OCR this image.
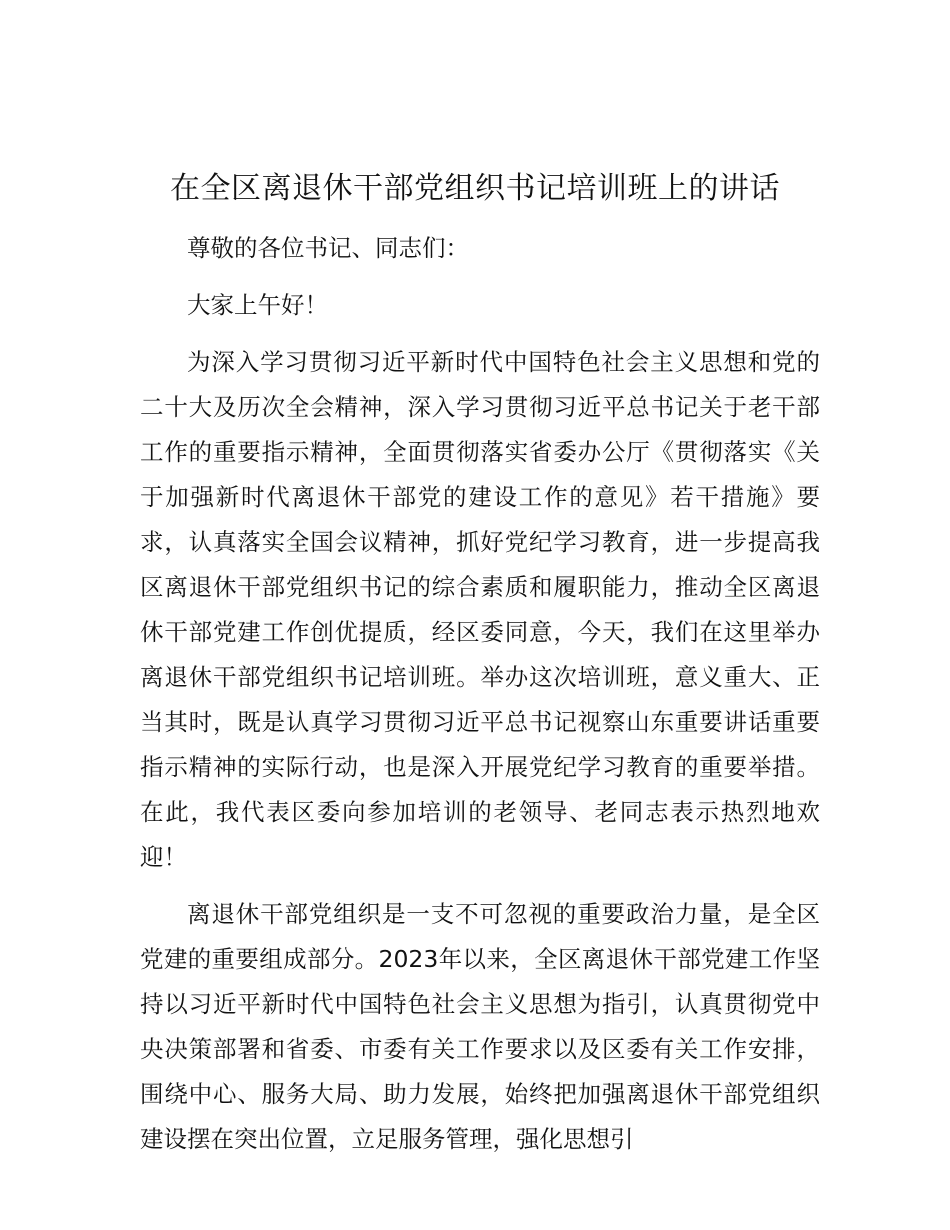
在全区离退休干部党组织书记培训班上的讲话

尊敬的各位书记、同志们：

大家上午好！

为深入学习贯彻习近平新时代中国特色社会主义思想和党的二十大及历次全会精神，深入学习贯彻习近平总书记关于老干部工作的重要指示精神，全面贯彻落实省委办公厅《贯彻落实《关于加强新时代离退休干部党的建设工作的意见》若干措施》要求，认真落实全国会议精神，抓好党纪学习教育，进一步提高我区离退休干部党组织书记的综合素质和履职能力，推动全区离退休干部党建工作创优提质，经区委同意，今天，我们在这里举办离退休干部党组织书记培训班。举办这次培训班，意义重大、正当其时，既是认真学习贯彻习近平总书记视察山东重要讲话重要指示精神的实际行动，也是深入开展党纪学习教育的重要举措。在此，我代表区委向参加培训的老领导、老同志表示热烈地欢迎！

离退休干部党组织是一支不可忽视的重要政治力量，是全区党建的重要组成部分。2023年以来，全区离退休干部党建工作坚持以习近平新时代中国特色社会主义思想为指引，认真贯彻党中央决策部署和省委、市委有关工作要求以及区委有关工作安排，围绕中心、服务大局、助力发展，始终把加强离退休干部党组织建设摆在突出位置，立足服务管理，强化思想引
